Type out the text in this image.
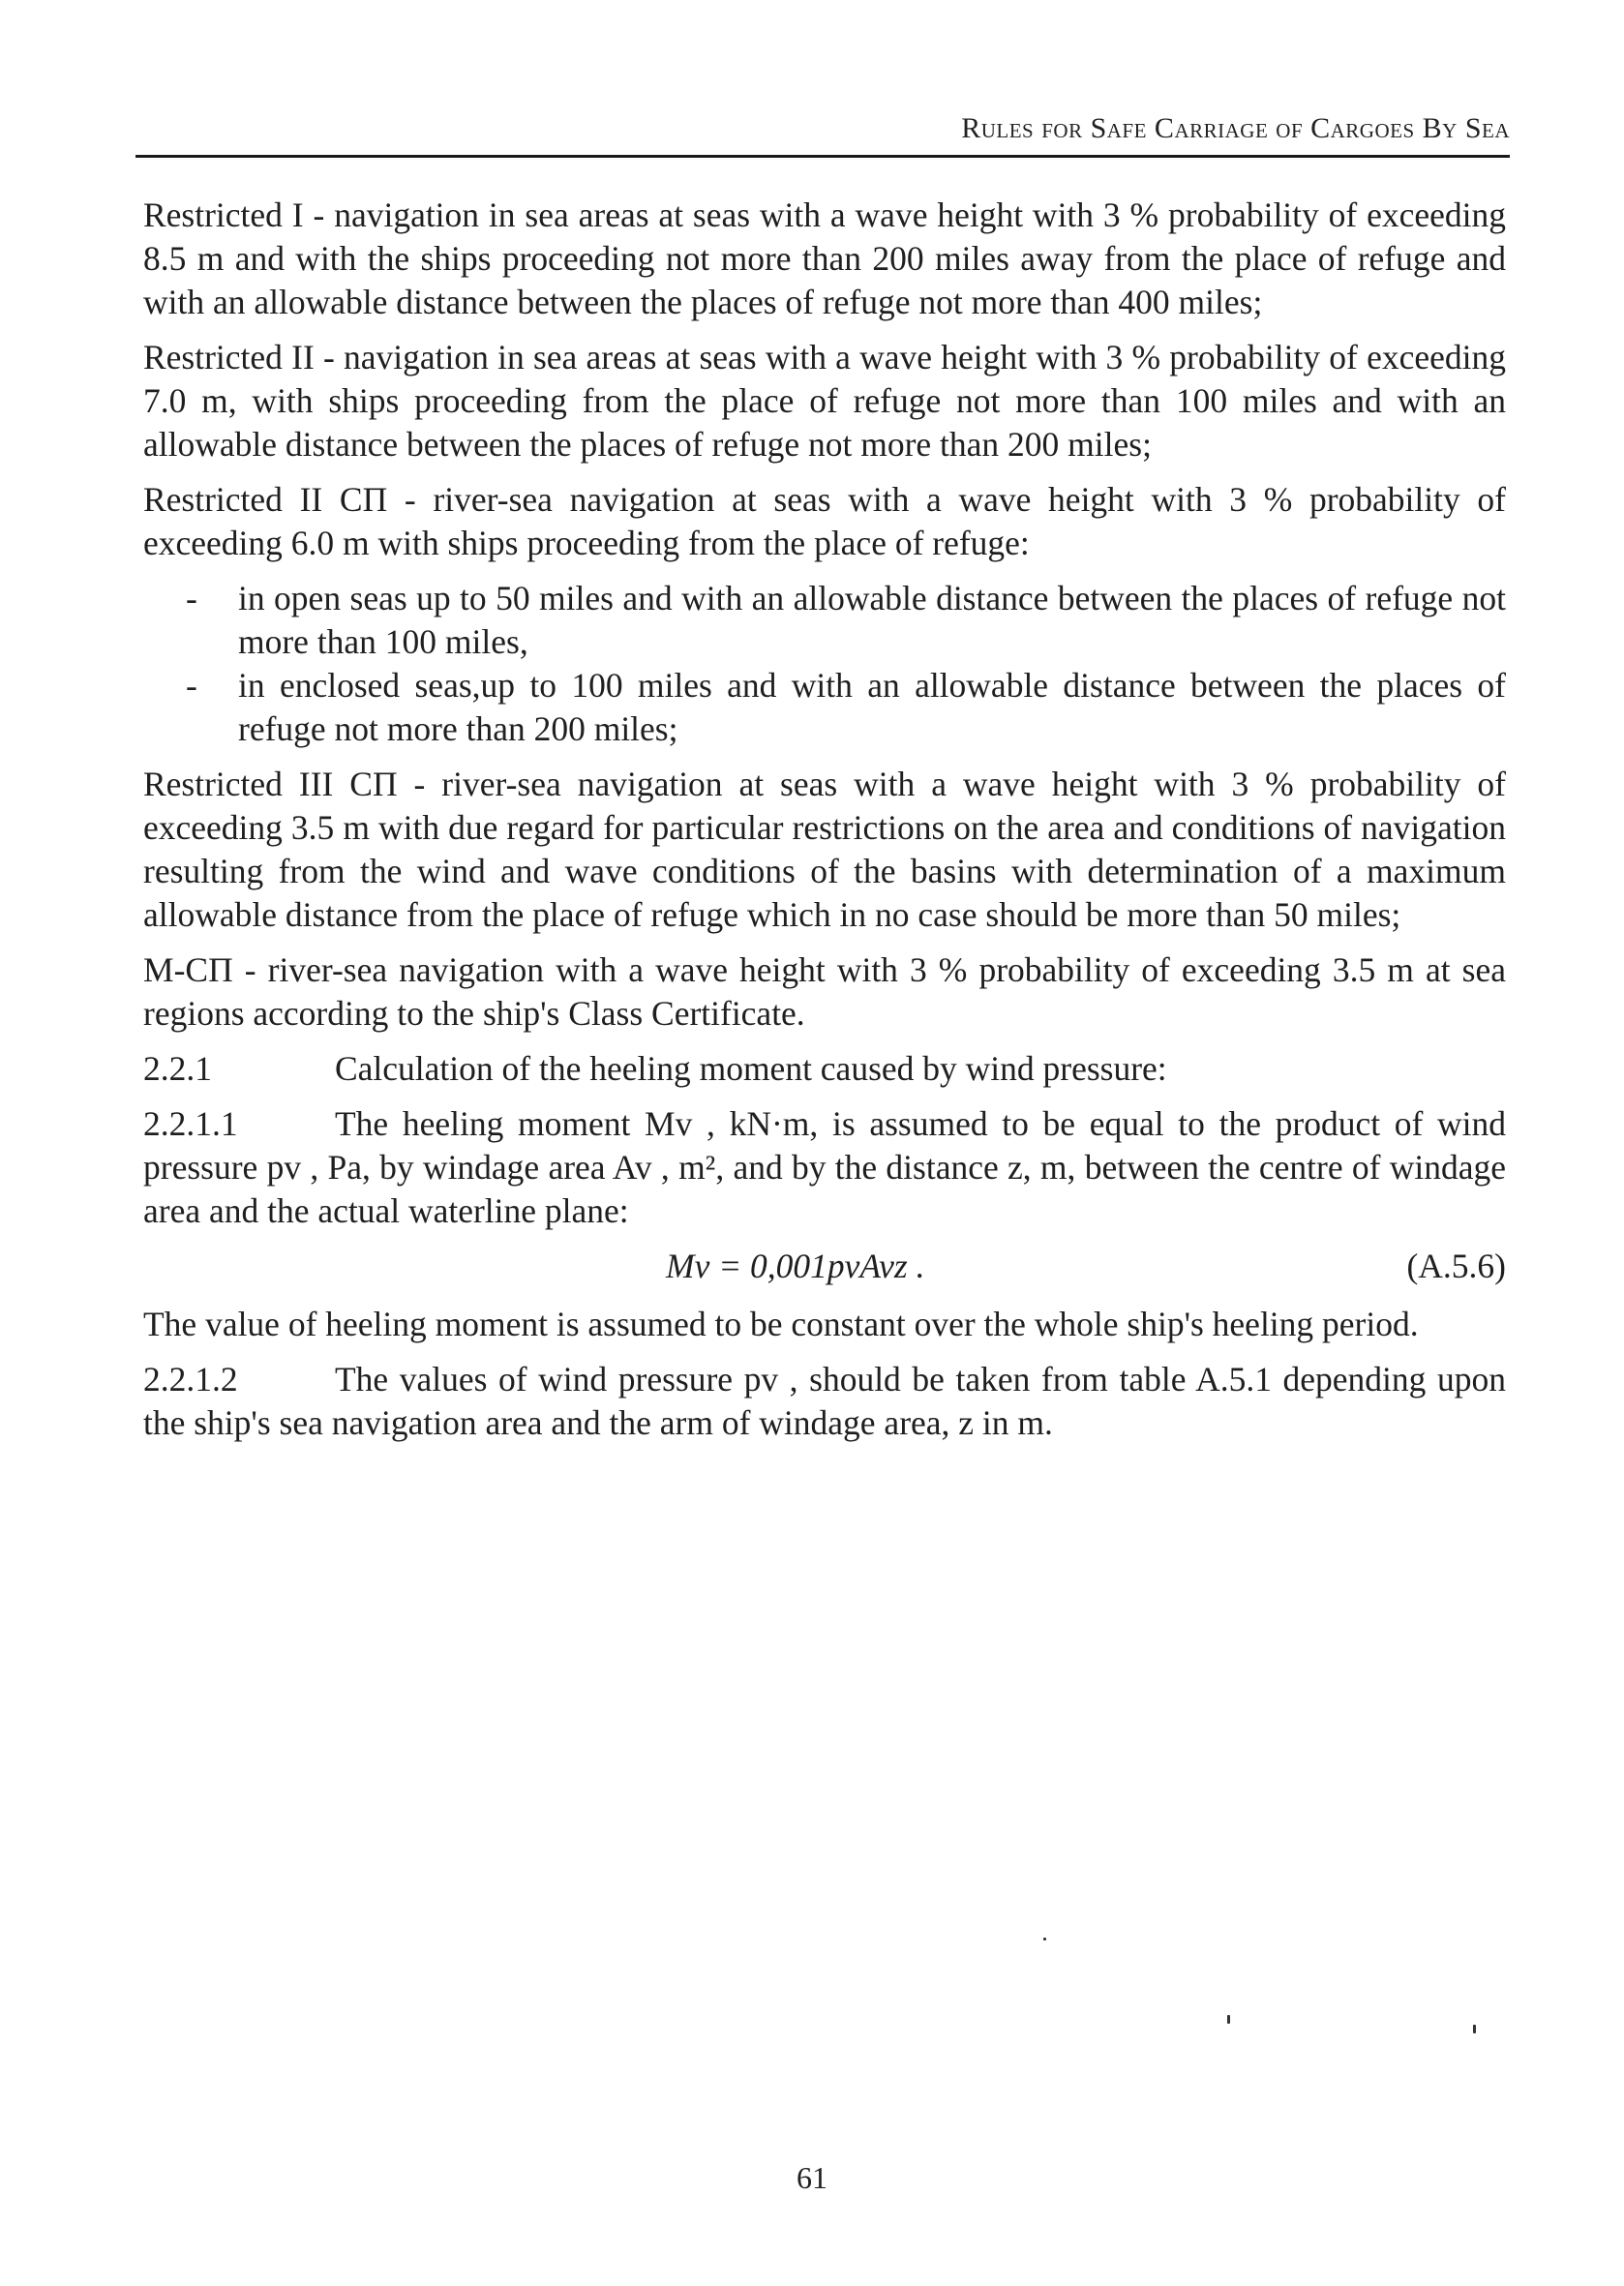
Rules for Safe Carriage of Cargoes By Sea

Restricted I - navigation in sea areas at seas with a wave height with 3 % probability of exceeding 8.5 m and with the ships proceeding not more than 200 miles away from the place of refuge and with an allowable distance between the places of refuge not more than 400 miles;

Restricted II - navigation in sea areas at seas with a wave height with 3 % probability of exceeding 7.0 m, with ships proceeding from the place of refuge not more than 100 miles and with an allowable distance between the places of refuge not more than 200 miles;

Restricted II CП - river-sea navigation at seas with a wave height with 3 % probability of exceeding 6.0 m with ships proceeding from the place of refuge:

- in open seas up to 50 miles and with an allowable distance between the places of refuge not more than 100 miles,
- in enclosed seas,up to 100 miles and with an allowable distance between the places of refuge not more than 200 miles;

Restricted III CП - river-sea navigation at seas with a wave height with 3 % probability of exceeding 3.5 m with due regard for particular restrictions on the area and conditions of navigation resulting from the wind and wave conditions of the basins with determination of a maximum allowable distance from the place of refuge which in no case should be more than 50 miles;

M-CП - river-sea navigation with a wave height with 3 % probability of exceeding 3.5 m at sea regions according to the ship's Class Certificate.

2.2.1	Calculation of the heeling moment caused by wind pressure:

2.2.1.1	The heeling moment Mv , kN·m, is assumed to be equal to the product of wind pressure pv , Pa, by windage area Av , m², and by the distance z, m, between the centre of windage area and the actual waterline plane:

Mv = 0,001pvAvz .	(A.5.6)

The value of heeling moment is assumed to be constant over the whole ship's heeling period.

2.2.1.2	The values of wind pressure pv , should be taken from table A.5.1 depending upon the ship's sea navigation area and the arm of windage area, z in m.

61
